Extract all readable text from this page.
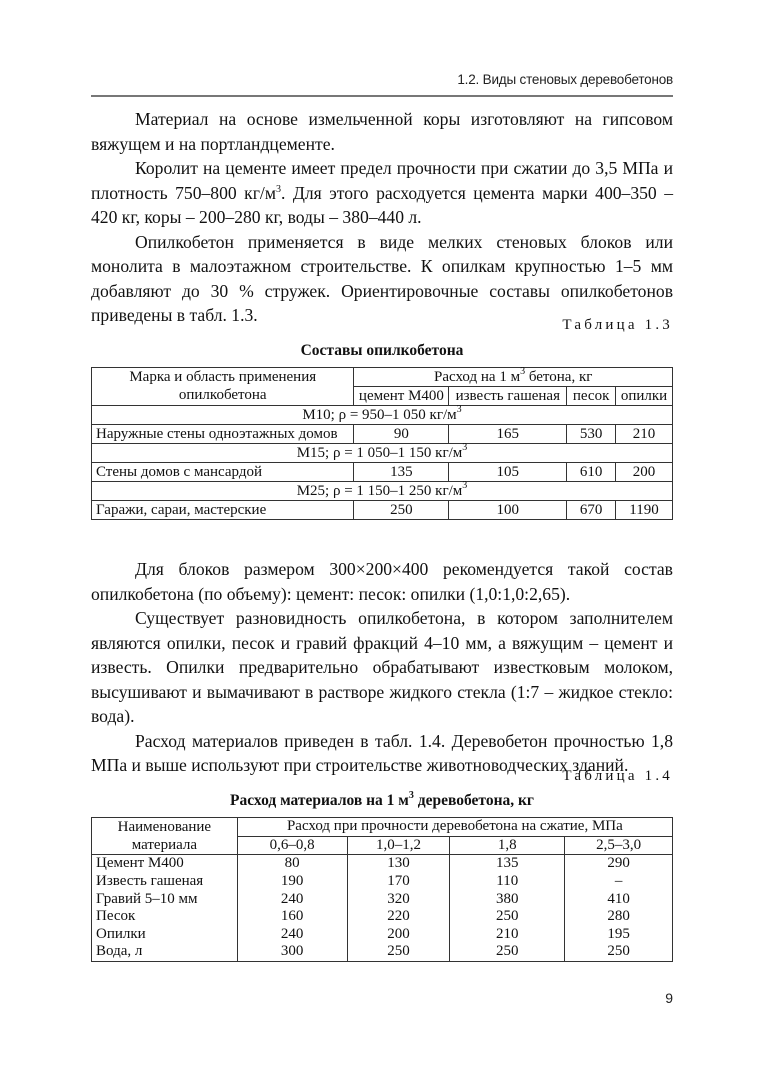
1.2. Виды стеновых деревобетонов

Материал на основе измельченной коры изготовляют на гипсовом вяжущем и на портландцементе.

Королит на цементе имеет предел прочности при сжатии до 3,5 МПа и плотность 750–800 $кг/м^3$. Для этого расходуется цемента марки 400–350 – 420 кг, коры – 200–280 кг, воды – 380–440 л.

Опилкобетон применяется в виде мелких стеновых блоков или монолита в малоэтажном строительстве. К опилкам крупностью 1–5 мм добавляют до 30 % стружек. Ориентировочные составы опилкобетонов приведены в табл. 1.3.	Таблица 1.3
Составы опилкобетона
Марка и область применения	Расход на 1 $м^3$ бетона, кг			
опилкобетона	цемент М400	известь гашеная	песок	опилки
М10; ρ = 950–1 050 $кг/м^3$
Наружные стены одноэтажных домов	90	165	530	210
М15; ρ = 1 050–1 150 $кг/м^3$
Стены домов с мансардой	135	105	610	200
М25; ρ = 1 150–1 250 $кг/м^3$
Гаражи, сараи, мастерские	250	100	670	1190

Для блоков размером 300×200×400 рекомендуется такой состав опилкобетона (по объему): цемент: песок: опилки (1,0:1,0:2,65).

Существует разновидность опилкобетона, в котором заполнителем являются опилки, песок и гравий фракций 4–10 мм, а вяжущим – цемент и известь. Опилки предварительно обрабатывают известковым молоком, высушивают и вымачивают в растворе жидкого стекла (1:7 – жидкое стекло: вода).

Расход материалов приведен в табл. 1.4. Деревобетон прочностью 1,8 МПа и выше используют при строительстве животноводческих зданий.

Таблица 1.4
Расход материалов на 1 $м^3$ деревобетона, кг
Наименование	Расход при прочности деревобетона на сжатие, МПа			
материала	0,6–0,8	1,0–1,2	1,8	2,5–3,0
Цемент М400	80	130	135	290
Известь гашеная	190	170	110	–
Гравий 5–10 мм	240	320	380	410
Песок	160	220	250	280
Опилки	240	200	210	195
Вода, л	300	250	250	250
9
